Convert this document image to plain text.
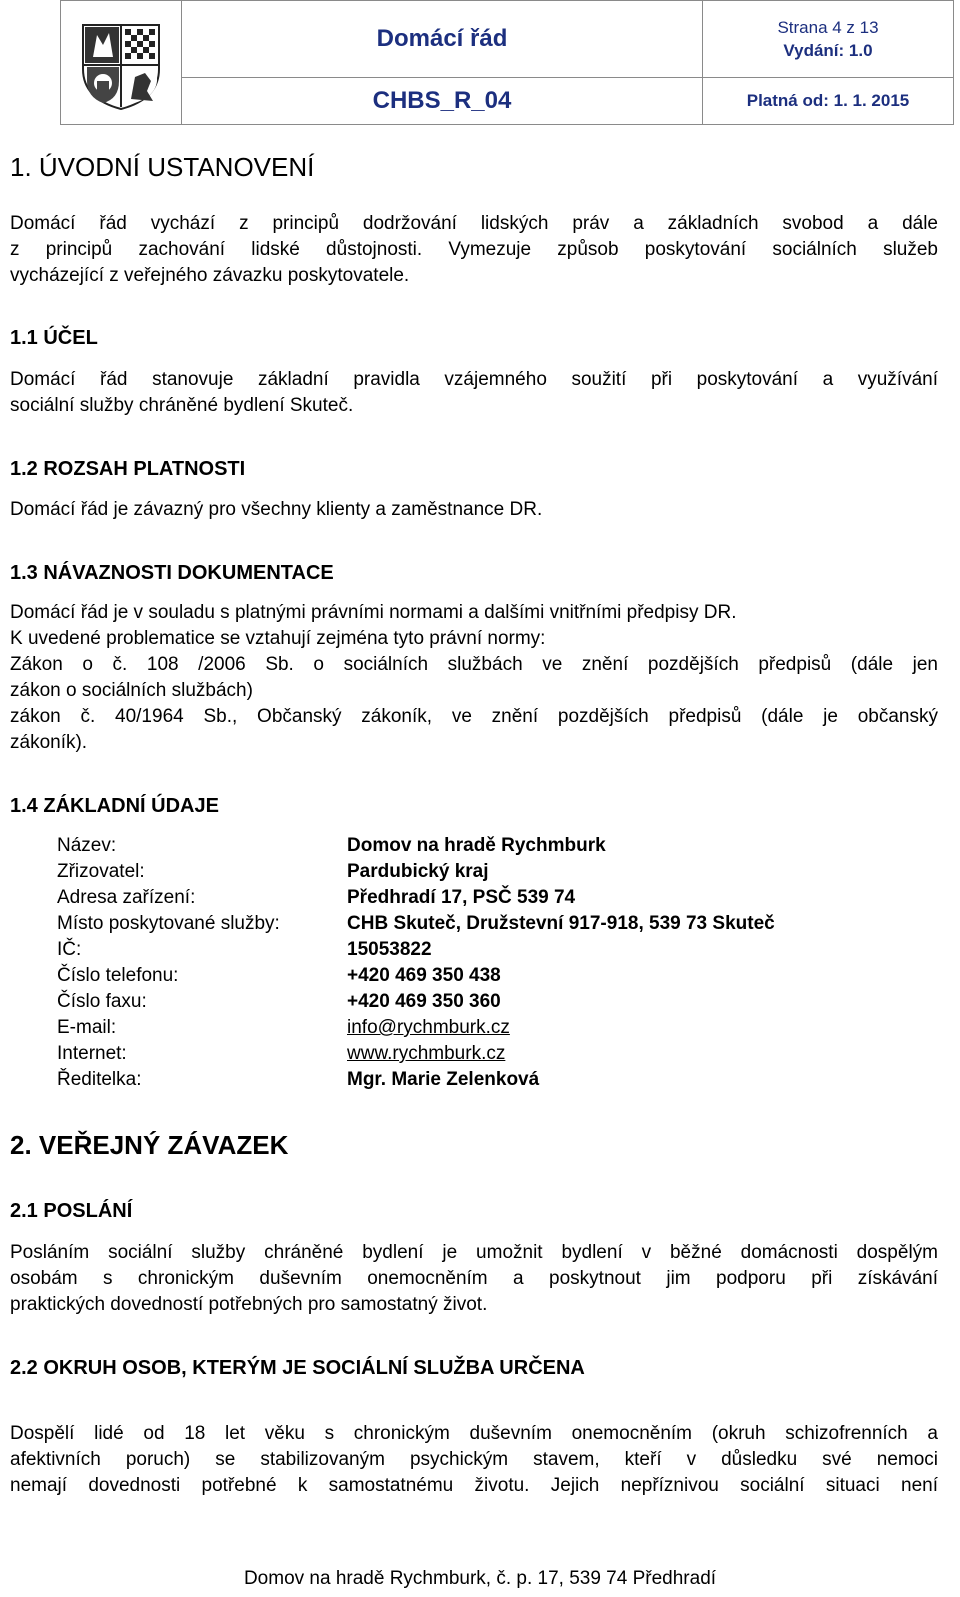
	Domácí řád	Strana 4 z 13
Vydání: 1.0

	CHBS_R_04	Platná od: 1. 1. 2015
1. ÚVODNÍ USTANOVENÍ
Domácí řád vychází z principů dodržování lidských práv a základních svobod a dále
z principů zachování lidské důstojnosti. Vymezuje způsob poskytování sociálních služeb
vycházející z veřejného závazku poskytovatele.
1.1 ÚČEL
Domácí řád stanovuje základní pravidla vzájemného soužití při poskytování a využívání
sociální služby chráněné bydlení Skuteč.
1.2 ROZSAH PLATNOSTI
Domácí řád je závazný pro všechny klienty a zaměstnance DR.
1.3 NÁVAZNOSTI DOKUMENTACE
Domácí řád je v souladu s platnými právními normami a dalšími vnitřními předpisy DR.
K uvedené problematice se vztahují zejména tyto právní normy:
Zákon o č. 108 /2006 Sb. o sociálních službách ve znění pozdějších předpisů (dále jen
zákon o sociálních službách)
zákon č. 40/1964 Sb., Občanský zákoník, ve znění pozdějších předpisů (dále je občanský
zákoník).
1.4 ZÁKLADNÍ ÚDAJE
Název:	Domov na hradě Rychmburk
Zřizovatel:	Pardubický kraj
Adresa zařízení:	Předhradí 17, PSČ 539 74
Místo poskytované služby:	CHB Skuteč, Družstevní 917-918, 539 73 Skuteč
IČ:	15053822
Číslo telefonu:	+420 469 350 438
Číslo faxu:	+420 469 350 360
E-mail:	info@rychmburk.cz
Internet:	www.rychmburk.cz
Ředitelka:	Mgr. Marie Zelenková
2. VEŘEJNÝ ZÁVAZEK
2.1 POSLÁNÍ
Posláním sociální služby chráněné bydlení je umožnit bydlení v běžné domácnosti dospělým
osobám s chronickým duševním onemocněním a poskytnout jim podporu při získávání
praktických dovedností potřebných pro samostatný život.
2.2 OKRUH OSOB, KTERÝM JE SOCIÁLNÍ SLUŽBA URČENA
Dospělí lidé od 18 let věku s chronickým duševním onemocněním (okruh schizofrenních a
afektivních poruch) se stabilizovaným psychickým stavem, kteří v důsledku své nemoci
nemají dovednosti potřebné k samostatnému životu. Jejich nepříznivou sociální situaci není
Domov na hradě Rychmburk, č. p. 17, 539 74 Předhradí
